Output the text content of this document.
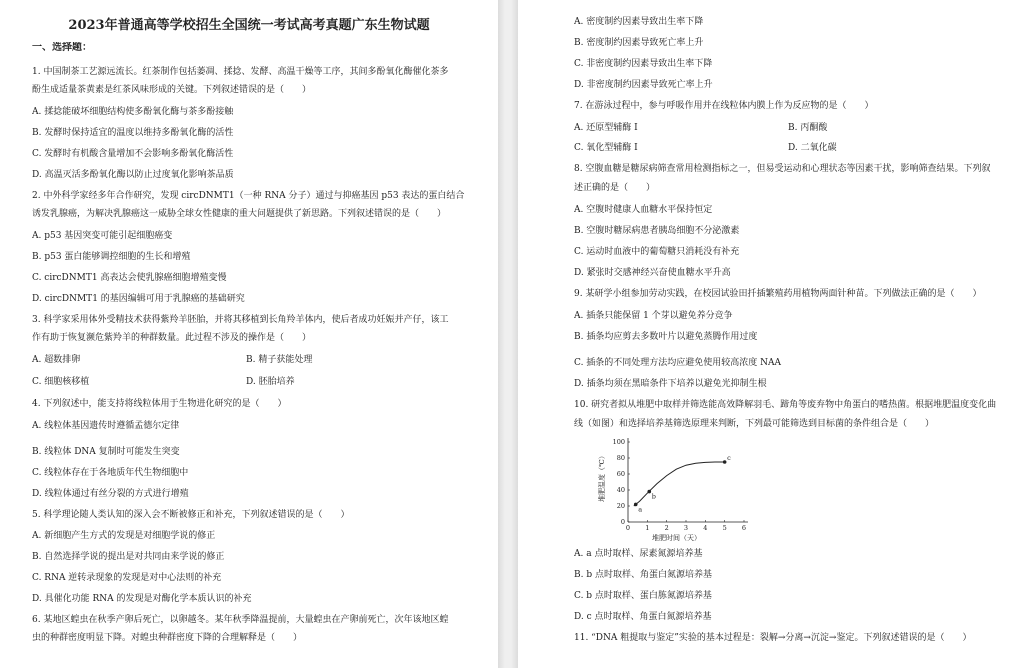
2023年普通高等学校招生全国统一考试高考真题广东生物试题
一、选择题：
1. 中国制茶工艺源远流长。红茶制作包括萎凋、揉捻、发酵、高温干燥等工序，其间多酚氧化酶催化茶多
酚生成适量茶黄素是红茶风味形成的关键。下列叙述错误的是（　　）
A. 揉捻能破坏细胞结构使多酚氧化酶与茶多酚接触
B. 发酵时保持适宜的温度以维持多酚氧化酶的活性
C. 发酵时有机酸含量增加不会影响多酚氧化酶活性
D. 高温灭活多酚氧化酶以防止过度氧化影响茶品质
2. 中外科学家经多年合作研究，发现 circDNMT1（一种 RNA 分子）通过与抑癌基因 p53 表达的蛋白结合
诱发乳腺癌，为解决乳腺癌这一威胁全球女性健康的重大问题提供了新思路。下列叙述错误的是（　　）
A. p53 基因突变可能引起细胞癌变
B. p53 蛋白能够调控细胞的生长和增殖
C. circDNMT1 高表达会使乳腺癌细胞增殖变慢
D. circDNMT1 的基因编辑可用于乳腺癌的基础研究
3. 科学家采用体外受精技术获得紫羚羊胚胎，并将其移植到长角羚羊体内，使后者成功妊娠并产仔，该工
作有助于恢复濒危紫羚羊的种群数量。此过程不涉及的操作是（　　）
A. 超数排卵	B. 精子获能处理
C. 细胞核移植	D. 胚胎培养
4. 下列叙述中，能支持将线粒体用于生物进化研究的是（　　）
A. 线粒体基因遗传时遵循孟德尔定律
B. 线粒体 DNA 复制时可能发生突变
C. 线粒体存在于各地质年代生物细胞中
D. 线粒体通过有丝分裂的方式进行增殖
5. 科学理论随人类认知的深入会不断被修正和补充，下列叙述错误的是（　　）
A. 新细胞产生方式的发现是对细胞学说的修正
B. 自然选择学说的提出是对共同由来学说的修正
C. RNA 逆转录现象的发现是对中心法则的补充
D. 具催化功能 RNA 的发现是对酶化学本质认识的补充
6. 某地区蝗虫在秋季产卵后死亡，以卵越冬。某年秋季降温提前，大量蝗虫在产卵前死亡，次年该地区蝗
虫的种群密度明显下降。对蝗虫种群密度下降的合理解释是（　　）
A. 密度制约因素导致出生率下降
B. 密度制约因素导致死亡率上升
C. 非密度制约因素导致出生率下降
D. 非密度制约因素导致死亡率上升
7. 在游泳过程中，参与呼吸作用并在线粒体内膜上作为反应物的是（　　）
A. 还原型辅酶 Ⅰ	B. 丙酮酸
C. 氧化型辅酶 Ⅰ	D. 二氧化碳
8. 空腹血糖是糖尿病筛查常用检测指标之一，但易受运动和心理状态等因素干扰，影响筛查结果。下列叙
述正确的是（　　）
A. 空腹时健康人血糖水平保持恒定
B. 空腹时糖尿病患者胰岛细胞不分泌激素
C. 运动时血液中的葡萄糖只消耗没有补充
D. 紧张时交感神经兴奋使血糖水平升高
9. 某研学小组参加劳动实践，在校园试验田扦插繁殖药用植物两面针种苗。下列做法正确的是（　　）
A. 插条只能保留 1 个芽以避免养分竞争
B. 插条均应剪去多数叶片以避免蒸腾作用过度
C. 插条的不同处理方法均应避免使用较高浓度 NAA
D. 插条均须在黑暗条件下培养以避免光抑制生根
10. 研究者拟从堆肥中取样并筛选能高效降解羽毛、蹄角等废弃物中角蛋白的嗜热菌。根据堆肥温度变化曲
线（如图）和选择培养基筛选原理来判断，下列最可能筛选到目标菌的条件组合是（　　）
0 1 2 3 4 5 6
0
20
40
60
80
100
a
b
c
堆肥温度（℃）
堆肥时间（天）
A. a 点时取样、尿素氮源培养基
B. b 点时取样、角蛋白氮源培养基
C. b 点时取样、蛋白胨氮源培养基
D. c 点时取样、角蛋白氮源培养基
11. “DNA 粗提取与鉴定”实验的基本过程是：裂解→分离→沉淀→鉴定。下列叙述错误的是（　　）
